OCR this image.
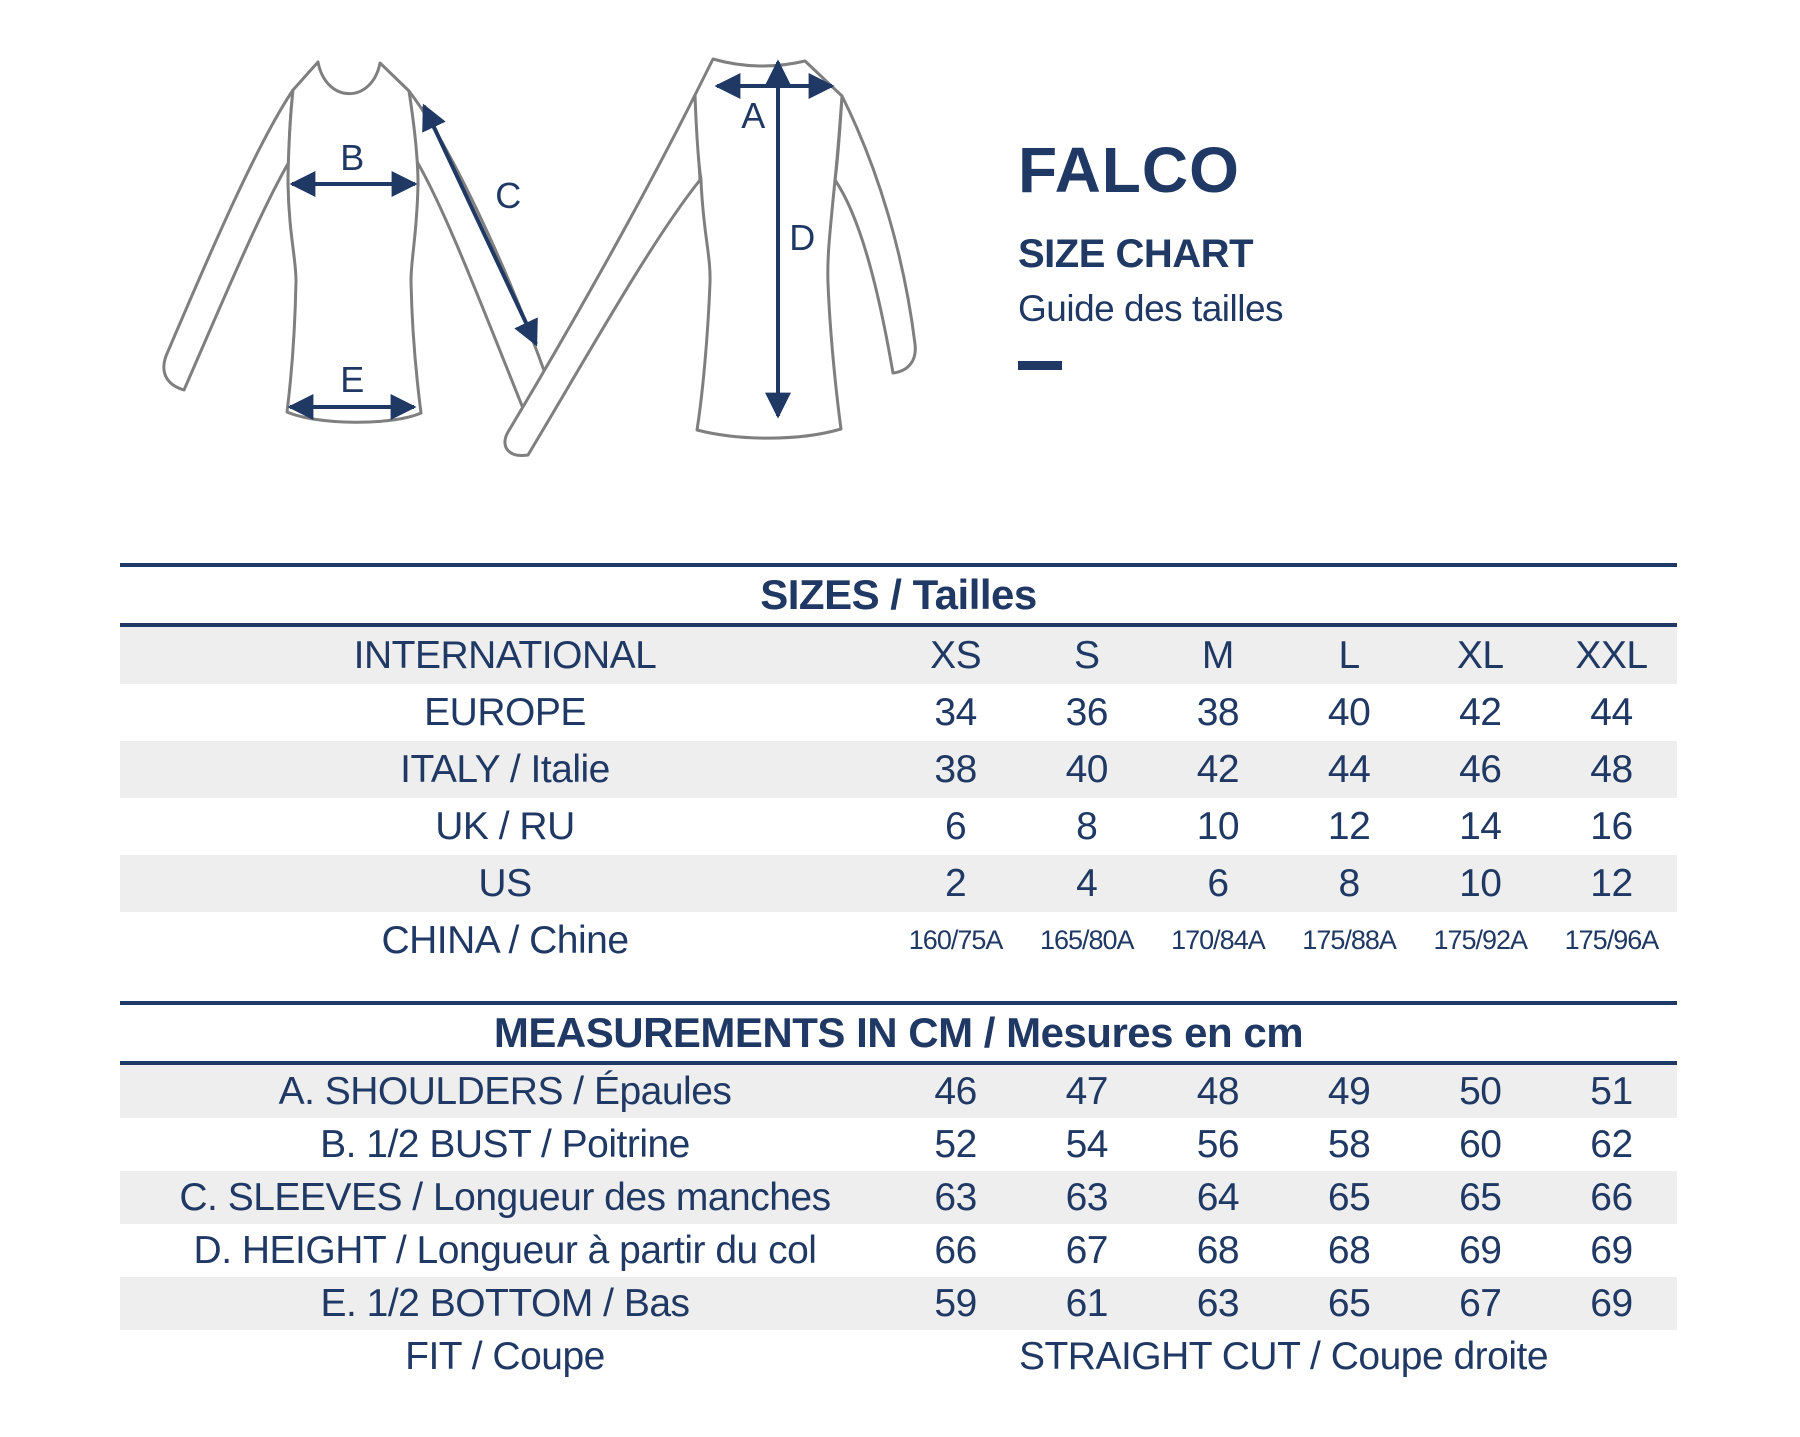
B
C
E
A
D
FALCO
SIZE CHART
Guide des tailles
SIZES / Tailles
INTERNATIONAL	XS	S	M	L	XL	XXL
EUROPE	34	36	38	40	42	44
ITALY / Italie	38	40	42	44	46	48
UK / RU	6	8	10	12	14	16
US	2	4	6	8	10	12
CHINA / Chine	160/75A	165/80A	170/84A	175/88A	175/92A	175/96A
MEASUREMENTS IN CM / Mesures en cm
A. SHOULDERS / Épaules	46	47	48	49	50	51
B. 1/2 BUST / Poitrine	52	54	56	58	60	62
C. SLEEVES / Longueur des manches	63	63	64	65	65	66
D. HEIGHT / Longueur à partir du col	66	67	68	68	69	69
E. 1/2 BOTTOM / Bas	59	61	63	65	67	69
FIT / Coupe	STRAIGHT CUT / Coupe droite
